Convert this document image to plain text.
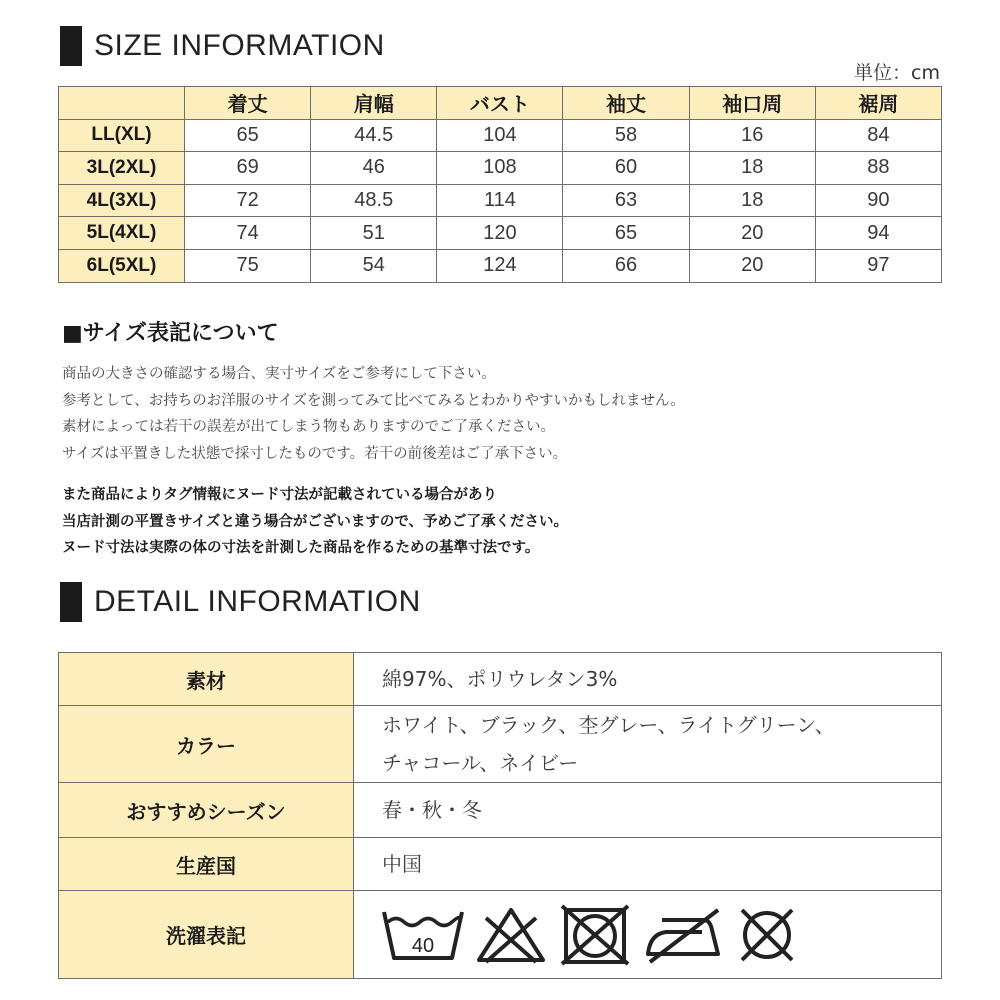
SIZE INFORMATION
単位：cm
	着丈	肩幅	バスト	袖丈	袖口周	裾周
LL(XL)	65	44.5	104	58	16	84
3L(2XL)	69	46	108	60	18	88
4L(3XL)	72	48.5	114	63	18	90
5L(4XL)	74	51	120	65	20	94
6L(5XL)	75	54	124	66	20	97
■サイズ表記について
商品の大きさの確認する場合、実寸サイズをご参考にして下さい。
参考として、お持ちのお洋服のサイズを測ってみて比べてみるとわかりやすいかもしれません。
素材によっては若干の誤差が出てしまう物もありますのでご了承ください。
サイズは平置きした状態で採寸したものです。若干の前後差はご了承下さい。
また商品によりタグ情報にヌード寸法が記載されている場合があり
当店計測の平置きサイズと違う場合がございますので、予めご了承ください。
ヌード寸法は実際の体の寸法を計測した商品を作るための基準寸法です。
DETAIL INFORMATION
素材	綿97%、ポリウレタン3%
カラー	ホワイト、ブラック、杢グレー、ライトグリーン、
チャコール、ネイビー

おすすめシーズン	春・秋・冬
生産国	中国
洗濯表記	40
